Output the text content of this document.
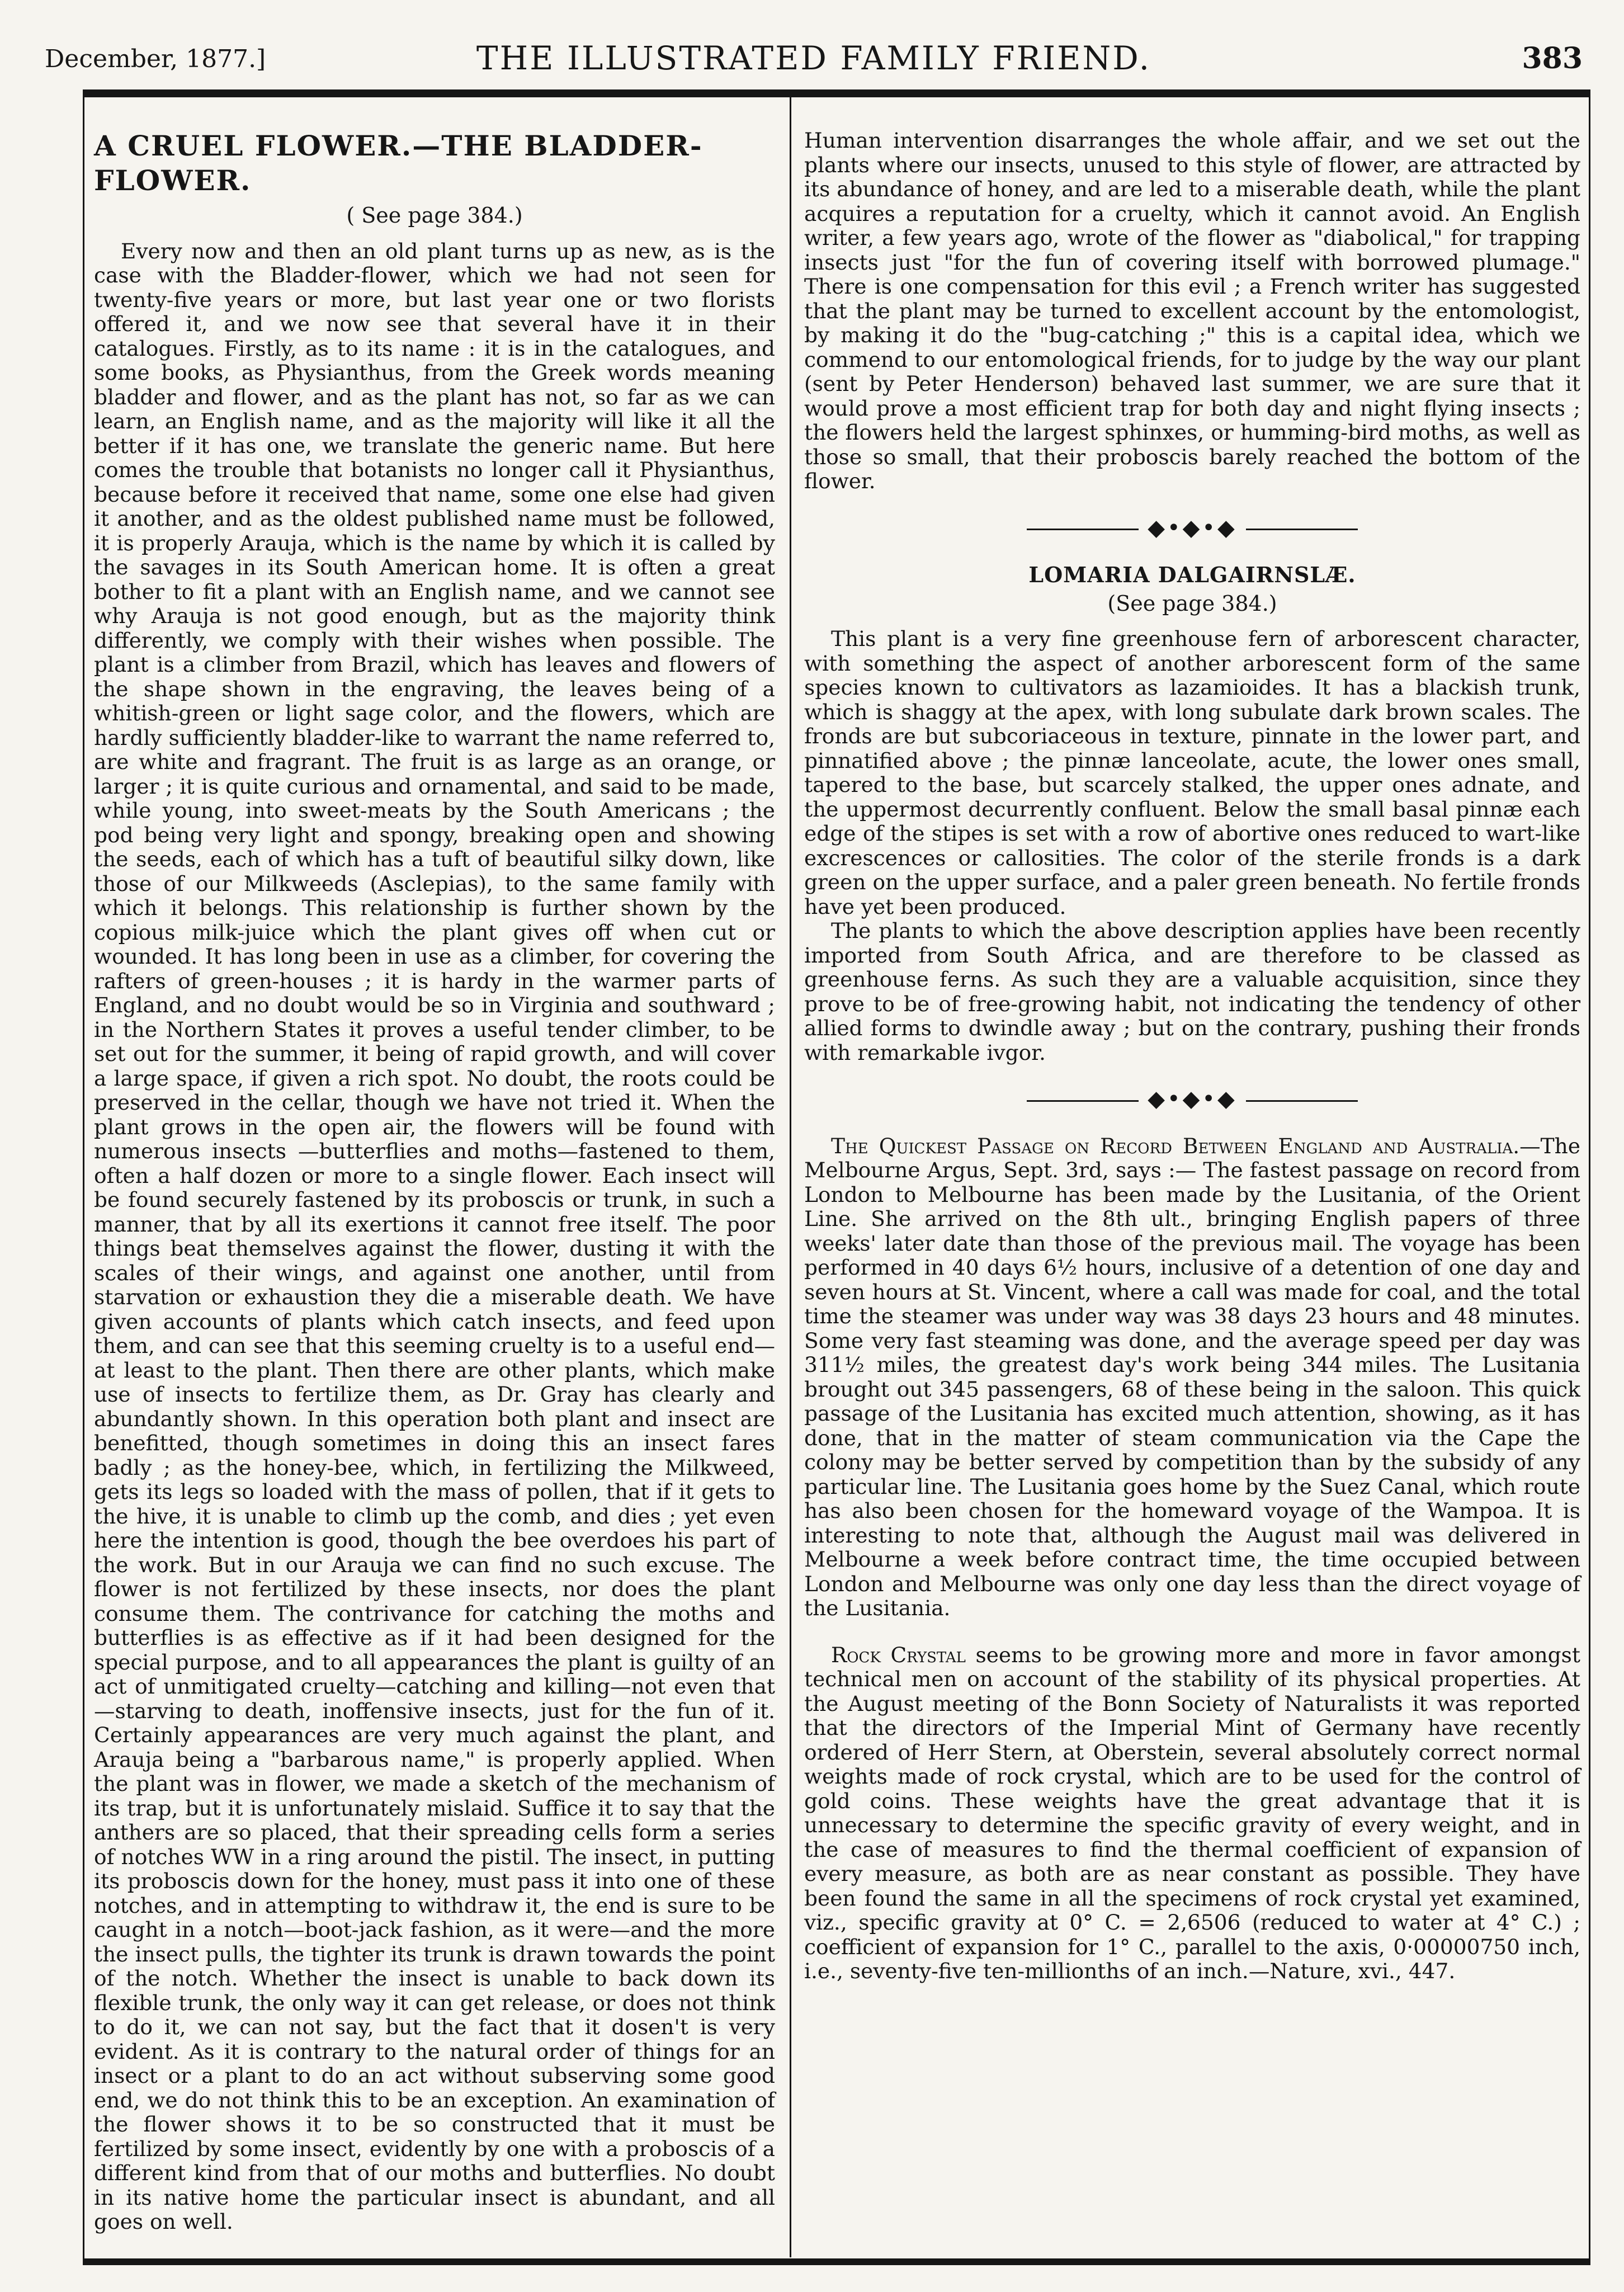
December, 1877.]	THE ILLUSTRATED FAMILY FRIEND.	383
A CRUEL FLOWER.—THE BLADDER-FLOWER.
( See page 384.)

Every now and then an old plant turns up as new, as is the case with the Bladder-flower, which we had not seen for twenty-five years or more, but last year one or two florists offered it, and we now see that several have it in their catalogues. Firstly, as to its name : it is in the catalogues, and some books, as Physianthus, from the Greek words meaning bladder and flower, and as the plant has not, so far as we can learn, an English name, and as the majority will like it all the better if it has one, we translate the generic name. But here comes the trouble that botanists no longer call it Physianthus, because before it received that name, some one else had given it another, and as the oldest published name must be followed, it is properly Arauja, which is the name by which it is called by the savages in its South American home. It is often a great bother to fit a plant with an English name, and we cannot see why Arauja is not good enough, but as the majority think differently, we comply with their wishes when possible. The plant is a climber from Brazil, which has leaves and flowers of the shape shown in the engraving, the leaves being of a whitish-green or light sage color, and the flowers, which are hardly sufficiently bladder-like to warrant the name referred to, are white and fragrant. The fruit is as large as an orange, or larger ; it is quite curious and ornamental, and said to be made, while young, into sweet-meats by the South Americans ; the pod being very light and spongy, breaking open and showing the seeds, each of which has a tuft of beautiful silky down, like those of our Milkweeds (Asclepias), to the same family with which it belongs. This relationship is further shown by the copious milk-juice which the plant gives off when cut or wounded. It has long been in use as a climber, for covering the rafters of green-houses ; it is hardy in the warmer parts of England, and no doubt would be so in Virginia and southward ; in the Northern States it proves a useful tender climber, to be set out for the summer, it being of rapid growth, and will cover a large space, if given a rich spot. No doubt, the roots could be preserved in the cellar, though we have not tried it. When the plant grows in the open air, the flowers will be found with numerous insects —butterflies and moths—fastened to them, often a half dozen or more to a single flower. Each insect will be found securely fastened by its proboscis or trunk, in such a manner, that by all its exertions it cannot free itself. The poor things beat themselves against the flower, dusting it with the scales of their wings, and against one another, until from starvation or exhaustion they die a miserable death. We have given accounts of plants which catch insects, and feed upon them, and can see that this seeming cruelty is to a useful end—at least to the plant. Then there are other plants, which make use of insects to fertilize them, as Dr. Gray has clearly and abundantly shown. In this operation both plant and insect are benefitted, though sometimes in doing this an insect fares badly ; as the honey-bee, which, in fertilizing the Milkweed, gets its legs so loaded with the mass of pollen, that if it gets to the hive, it is unable to climb up the comb, and dies ; yet even here the intention is good, though the bee overdoes his part of the work. But in our Arauja we can find no such excuse. The flower is not fertilized by these insects, nor does the plant consume them. The contrivance for catching the moths and butterflies is as effective as if it had been designed for the special purpose, and to all appearances the plant is guilty of an act of unmitigated cruelty—catching and killing—not even that —starving to death, inoffensive insects, just for the fun of it. Certainly appearances are very much against the plant, and Arauja being a "barbarous name," is properly applied. When the plant was in flower, we made a sketch of the mechanism of its trap, but it is unfortunately mislaid. Suffice it to say that the anthers are so placed, that their spreading cells form a series of notches WW in a ring around the pistil. The insect, in putting its proboscis down for the honey, must pass it into one of these notches, and in attempting to withdraw it, the end is sure to be caught in a notch—boot-jack fashion, as it were—and the more the insect pulls, the tighter its trunk is drawn towards the point of the notch. Whether the insect is unable to back down its flexible trunk, the only way it can get release, or does not think to do it, we can not say, but the fact that it dosen't is very evident. As it is contrary to the natural order of things for an insect or a plant to do an act without subserving some good end, we do not think this to be an exception. An examination of the flower shows it to be so constructed that it must be fertilized by some insect, evidently by one with a proboscis of a different kind from that of our moths and butterflies. No doubt in its native home the particular insect is abundant, and all goes on well.

Human intervention disarranges the whole affair, and we set out the plants where our insects, unused to this style of flower, are attracted by its abundance of honey, and are led to a miserable death, while the plant acquires a reputation for a cruelty, which it cannot avoid. An English writer, a few years ago, wrote of the flower as "diabolical," for trapping insects just "for the fun of covering itself with borrowed plumage." There is one compensation for this evil ; a French writer has suggested that the plant may be turned to excellent account by the entomologist, by making it do the "bug-catching ;" this is a capital idea, which we commend to our entomological friends, for to judge by the way our plant (sent by Peter Henderson) behaved last summer, we are sure that it would prove a most efficient trap for both day and night flying insects ; the flowers held the largest sphinxes, or humming-bird moths, as well as those so small, that their proboscis barely reached the bottom of the flower.

◆•◆•◆
LOMARIA DALGAIRNSLÆ.
(See page 384.)

This plant is a very fine greenhouse fern of arborescent character, with something the aspect of another arborescent form of the same species known to cultivators as lazamioides. It has a blackish trunk, which is shaggy at the apex, with long subulate dark brown scales. The fronds are but subcoriaceous in texture, pinnate in the lower part, and pinnatified above ; the pinnæ lanceolate, acute, the lower ones small, tapered to the base, but scarcely stalked, the upper ones adnate, and the uppermost decurrently confluent. Below the small basal pinnæ each edge of the stipes is set with a row of abortive ones reduced to wart-like excrescences or callosities. The color of the sterile fronds is a dark green on the upper surface, and a paler green beneath. No fertile fronds have yet been produced.

The plants to which the above description applies have been recently imported from South Africa, and are therefore to be classed as greenhouse ferns. As such they are a valuable acquisition, since they prove to be of free-growing habit, not indicating the tendency of other allied forms to dwindle away ; but on the contrary, pushing their fronds with remarkable ivgor.

◆•◆•◆

The Quickest Passage on Record Between England and Australia.—The Melbourne Argus, Sept. 3rd, says :— The fastest passage on record from London to Melbourne has been made by the Lusitania, of the Orient Line. She arrived on the 8th ult., bringing English papers of three weeks' later date than those of the previous mail. The voyage has been performed in 40 days 6½ hours, inclusive of a detention of one day and seven hours at St. Vincent, where a call was made for coal, and the total time the steamer was under way was 38 days 23 hours and 48 minutes. Some very fast steaming was done, and the average speed per day was 311½ miles, the greatest day's work being 344 miles. The Lusitania brought out 345 passengers, 68 of these being in the saloon. This quick passage of the Lusitania has excited much attention, showing, as it has done, that in the matter of steam communication via the Cape the colony may be better served by competition than by the subsidy of any particular line. The Lusitania goes home by the Suez Canal, which route has also been chosen for the homeward voyage of the Wampoa. It is interesting to note that, although the August mail was delivered in Melbourne a week before contract time, the time occupied between London and Melbourne was only one day less than the direct voyage of the Lusitania.

Rock Crystal seems to be growing more and more in favor amongst technical men on account of the stability of its physical properties. At the August meeting of the Bonn Society of Naturalists it was reported that the directors of the Imperial Mint of Germany have recently ordered of Herr Stern, at Oberstein, several absolutely correct normal weights made of rock crystal, which are to be used for the control of gold coins. These weights have the great advantage that it is unnecessary to determine the specific gravity of every weight, and in the case of measures to find the thermal coefficient of expansion of every measure, as both are as near constant as possible. They have been found the same in all the specimens of rock crystal yet examined, viz., specific gravity at 0° C. = 2,6506 (reduced to water at 4° C.) ; coefficient of expansion for 1° C., parallel to the axis, 0·00000750 inch, i.e., seventy-five ten-millionths of an inch.—Nature, xvi., 447.
